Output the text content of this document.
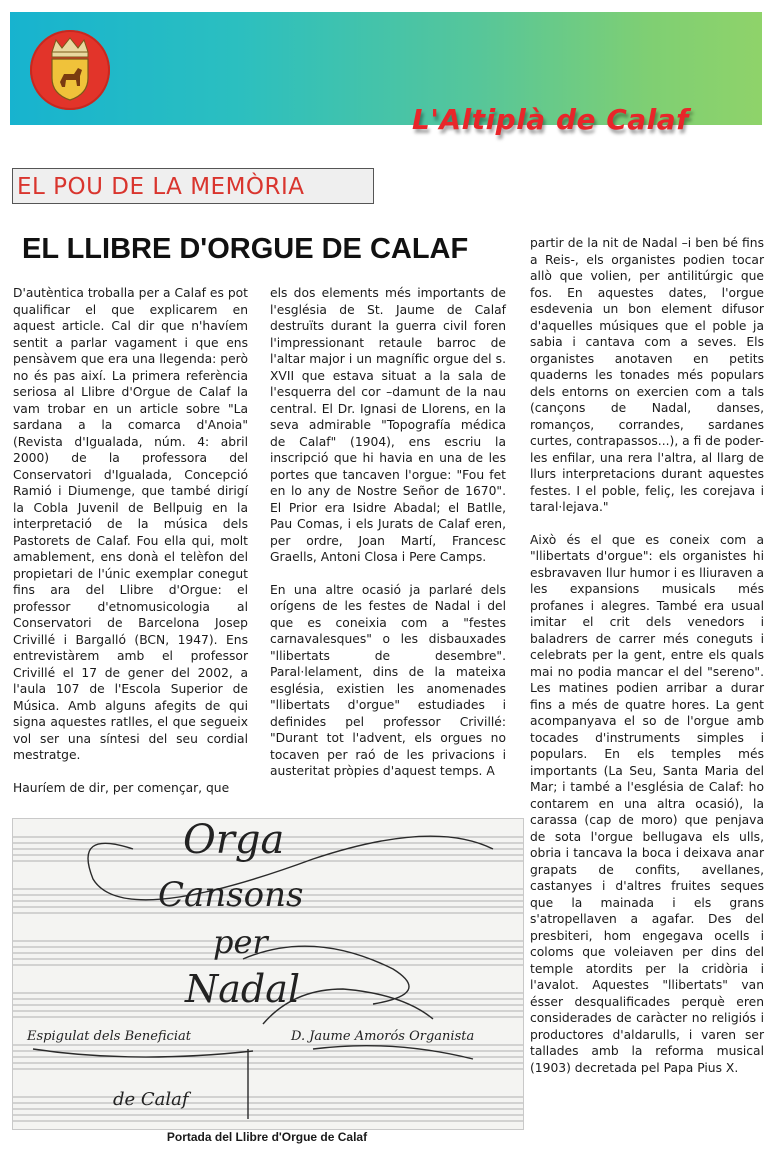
L'Altiplà de Calaf
EL POU DE LA MEMÒRIA
EL LLIBRE D'ORGUE DE CALAF

D'autèntica troballa per a Calaf es pot qualificar el que explicarem en aquest article. Cal dir que n'havíem sentit a parlar vagament i que ens pensàvem que era una llegenda: però no és pas així. La primera referència seriosa al Llibre d'Orgue de Calaf la vam trobar en un article sobre "La sardana a la comarca d'Anoia" (Revista d'Igualada, núm. 4: abril 2000) de la professora del Conservatori d'Igualada, Concepció Ramió i Diumenge, que també dirigí la Cobla Juvenil de Bellpuig en la interpretació de la música dels Pastorets de Calaf. Fou ella qui, molt amablement, ens donà el telèfon del propietari de l'únic exemplar conegut fins ara del Llibre d'Orgue: el professor d'etnomusicologia al Conservatori de Barcelona Josep Crivillé i Bargalló (BCN, 1947). Ens entrevistàrem amb el professor Crivillé el 17 de gener del 2002, a l'aula 107 de l'Escola Superior de Música. Amb alguns afegits de qui signa aquestes ratlles, el que segueix vol ser una síntesi del seu cordial mestratge.

Hauríem de dir, per començar, que

els dos elements més importants de l'església de St. Jaume de Calaf destruïts durant la guerra civil foren l'impressionant retaule barroc de l'altar major i un magnífic orgue del s. XVII que estava situat a la sala de l'esquerra del cor –damunt de la nau central. El Dr. Ignasi de Llorens, en la seva admirable "Topografía médica de Calaf" (1904), ens escriu la inscripció que hi havia en una de les portes que tancaven l'orgue: "Fou fet en lo any de Nostre Señor de 1670". El Prior era Isidre Abadal; el Batlle, Pau Comas, i els Jurats de Calaf eren, per ordre, Joan Martí, Francesc Graells, Antoni Closa i Pere Camps.

En una altre ocasió ja parlaré dels orígens de les festes de Nadal i del que es coneixia com a "festes carnavalesques" o les disbauxades "llibertats de desembre". Paral·lelament, dins de la mateixa església, existien les anomenades "llibertats d'orgue" estudiades i definides pel professor Crivillé: "Durant tot l'advent, els orgues no tocaven per raó de les privacions i austeritat pròpies d'aquest temps. A

partir de la nit de Nadal –i ben bé fins a Reis-, els organistes podien tocar allò que volien, per antilitúrgic que fos. En aquestes dates, l'orgue esdevenia un bon element difusor d'aquelles músiques que el poble ja sabia i cantava com a seves. Els organistes anotaven en petits quaderns les tonades més populars dels entorns on exercien com a tals (cançons de Nadal, danses, romanços, corrandes, sardanes curtes, contrapassos...), a fi de poder-les enfilar, una rera l'altra, al llarg de llurs interpretacions durant aquestes festes. I el poble, feliç, les corejava i taral·lejava."

Això és el que es coneix com a "llibertats d'orgue": els organistes hi esbravaven llur humor i es lliuraven a les expansions musicals més profanes i alegres. També era usual imitar el crit dels venedors i baladrers de carrer més coneguts i celebrats per la gent, entre els quals mai no podia mancar el del "sereno". Les matines podien arribar a durar fins a més de quatre hores. La gent acompanyava el so de l'orgue amb tocades d'instruments simples i populars. En els temples més importants (La Seu, Santa Maria del Mar; i també a l'església de Calaf: ho contarem en una altra ocasió), la carassa (cap de moro) que penjava de sota l'orgue bellugava els ulls, obria i tancava la boca i deixava anar grapats de confits, avellanes, castanyes i d'altres fruites seques que la mainada i els grans s'atropellaven a agafar. Des del presbiteri, hom engegava ocells i coloms que voleiaven per dins del temple atordits per la cridòria i l'avalot. Aquestes "llibertats" van ésser desqualificades perquè eren considerades de caràcter no religiós i productores d'aldarulls, i varen ser tallades amb la reforma musical (1903) decretada pel Papa Pius X.

Orga
Cansons
per
Nadal
Espigulat dels Beneficiat
de Calaf
D. Jaume Amorós Organista
Portada del Llibre d'Orgue de Calaf
